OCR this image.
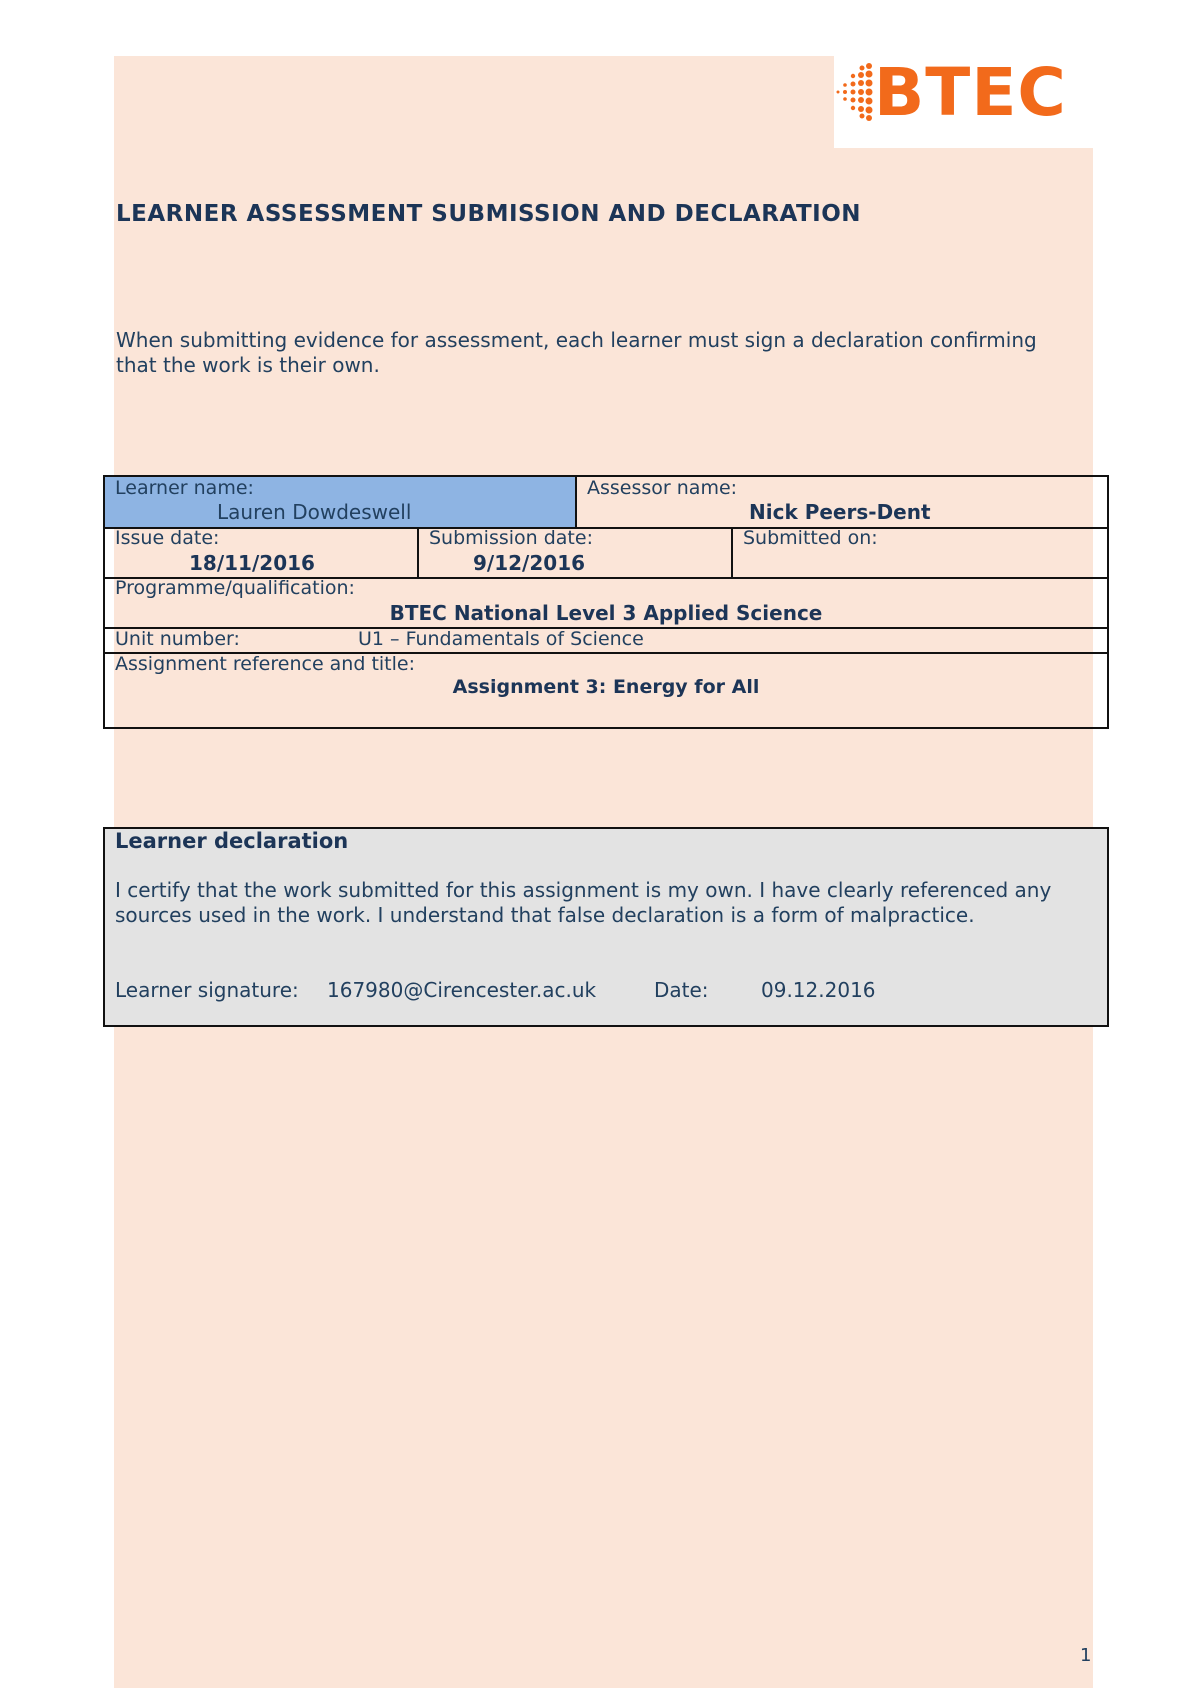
BTEC
LEARNER ASSESSMENT SUBMISSION AND DECLARATION
When submitting evidence for assessment, each learner must sign a declaration confirming that the work is their own.
Learner name:
Lauren Dowdeswell
Assessor name:
Nick Peers-Dent
Issue date:
18/11/2016
Submission date:
9/12/2016
Submitted on:
Programme/qualification:
BTEC National Level 3 Applied Science
Unit number:	U1 – Fundamentals of Science
Assignment reference and title:
Assignment 3: Energy for All
Learner declaration
I certify that the work submitted for this assignment is my own. I have clearly referenced any sources used in the work. I understand that false declaration is a form of malpractice.
Learner signature: 167980@Cirencester.ac.uk	Date:	09.12.2016
1
